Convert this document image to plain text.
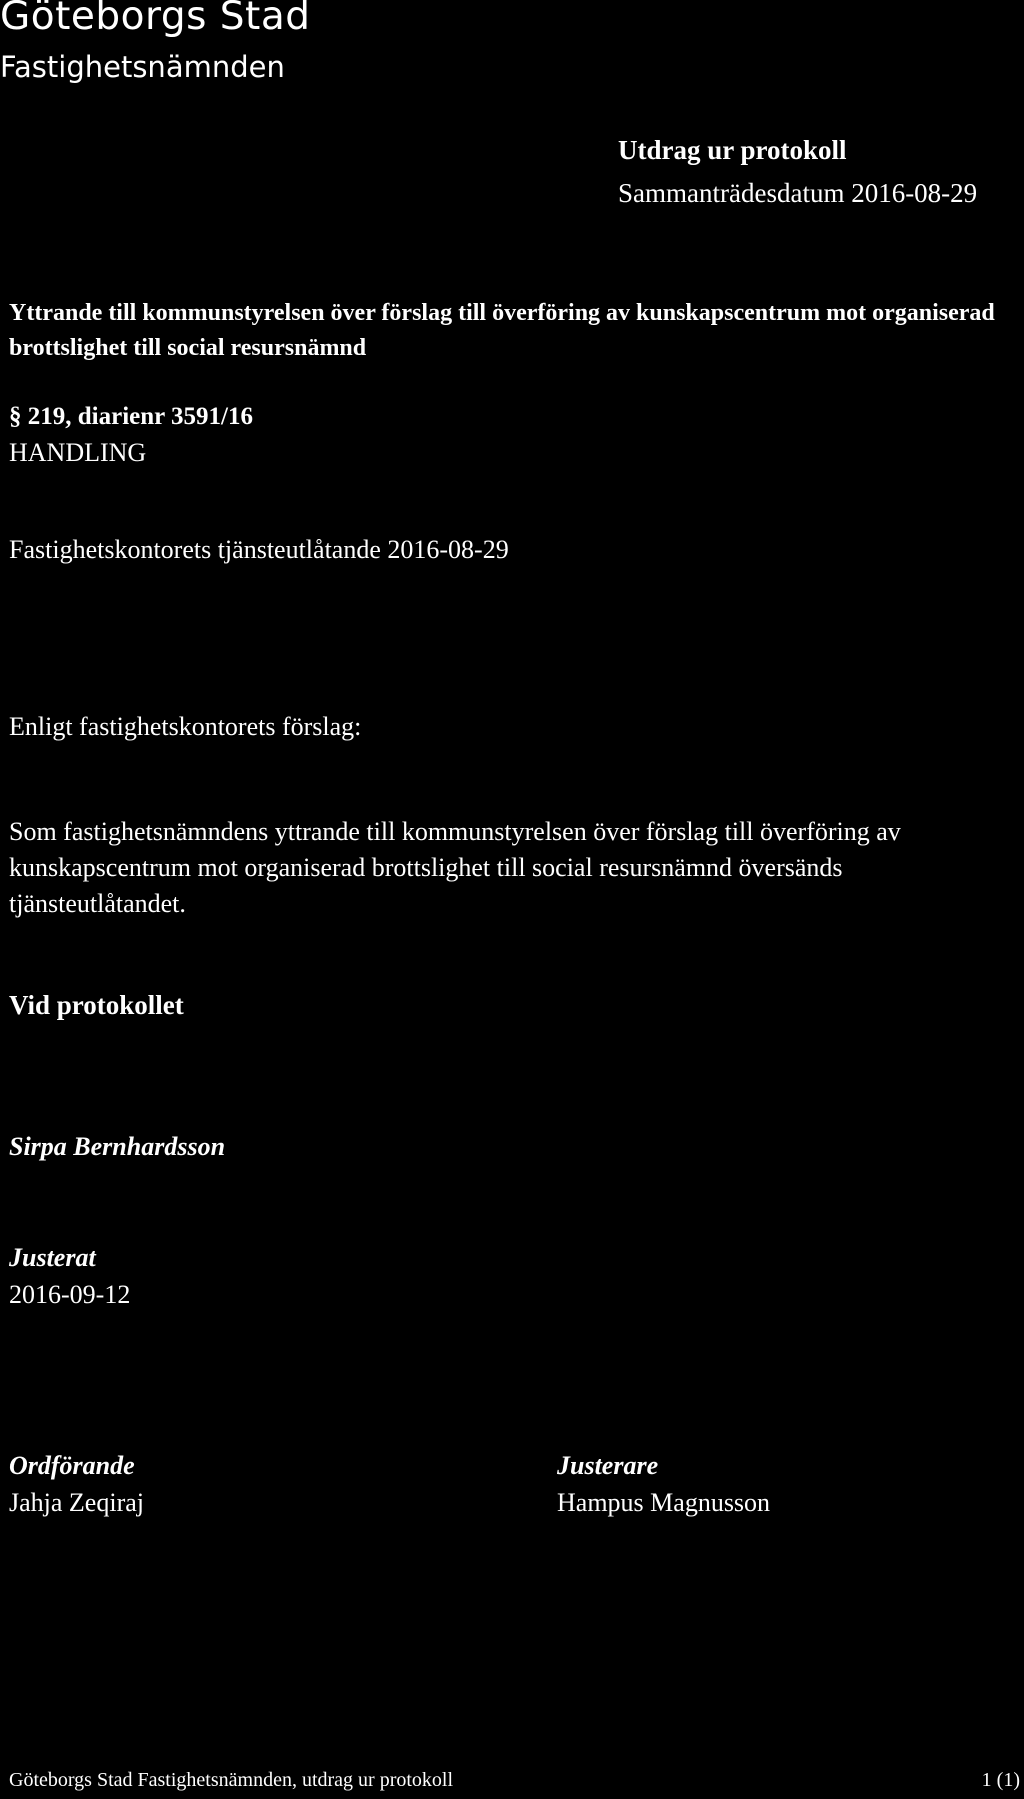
Göteborgs Stad
Fastighetsnämnden
Utdrag ur protokoll
Sammanträdesdatum 2016-08-29
Yttrande till kommunstyrelsen över förslag till överföring av kunskapscentrum mot organiserad brottslighet till social resursnämnd
§ 219, diarienr 3591/16
HANDLING
Fastighetskontorets tjänsteutlåtande 2016-08-29
Enligt fastighetskontorets förslag:
Som fastighetsnämndens yttrande till kommunstyrelsen över förslag till överföring av kunskapscentrum mot organiserad brottslighet till social resursnämnd översänds tjänsteutlåtandet.
Vid protokollet
Sirpa Bernhardsson
Justerat
2016-09-12
Ordförande
Jahja Zeqiraj
Justerare
Hampus Magnusson
Göteborgs Stad Fastighetsnämnden, utdrag ur protokoll	1 (1)
